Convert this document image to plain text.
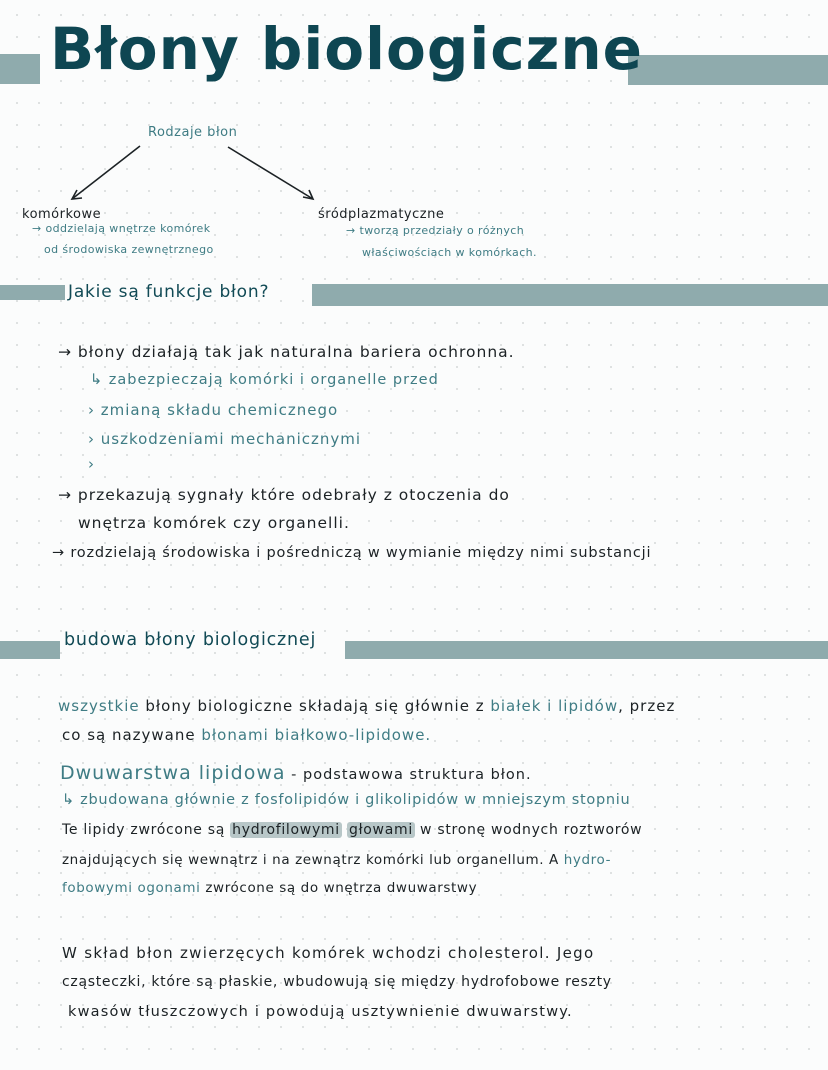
Błony biologiczne
Rodzaje błon
komórkowe
→ oddzielają wnętrze komórek
od środowiska zewnętrznego
śródplazmatyczne
→ tworzą przedziały o różnych
właściwościach w komórkach.
Jakie są funkcje błon?
→ błony działają tak jak naturalna bariera ochronna.
↳ zabezpieczają komórki i organelle przed
› zmianą składu chemicznego
› uszkodzeniami mechanicznymi
›
→ przekazują sygnały które odebrały z otoczenia do
wnętrza komórek czy organelli.
→ rozdzielają środowiska i pośredniczą w wymianie między nimi substancji
budowa błony biologicznej
wszystkie błony biologiczne składają się głównie z białek i lipidów, przez
co są nazywane błonami białkowo-lipidowe.
Dwuwarstwa lipidowa - podstawowa struktura błon.
↳ zbudowana głównie z fosfolipidów i glikolipidów w mniejszym stopniu
Te lipidy zwrócone są hydrofilowymi głowami w stronę wodnych roztworów
znajdujących się wewnątrz i na zewnątrz komórki lub organellum. A hydro-
fobowymi ogonami zwrócone są do wnętrza dwuwarstwy
W skład błon zwierzęcych komórek wchodzi cholesterol. Jego
cząsteczki, które są płaskie, wbudowują się między hydrofobowe reszty
kwasów tłuszczowych i powodują usztywnienie dwuwarstwy.
